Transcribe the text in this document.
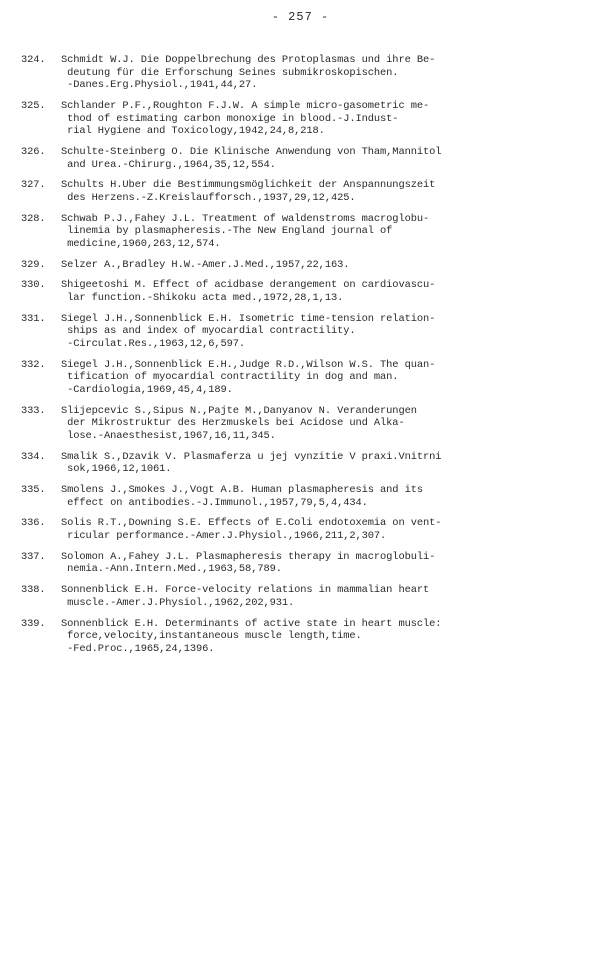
- 257 -
324.	Schmidt W.J. Die Doppelbrechung des Protoplasmas und ihre Be-
deutung für die Erforschung Seines submikroskopischen.
-Danes.Erg.Physiol.,1941,44,27.
325.	Schlander P.F.,Roughton F.J.W. A simple micro-gasometric me-
thod of estimating carbon monoxige in blood.-J.Indust-
rial Hygiene and Toxicology,1942,24,8,218.
326.	Schulte-Steinberg O. Die Klinische Anwendung von Tham,Mannitol
and Urea.-Chirurg.,1964,35,12,554.
327.	Schults H.Uber die Bestimmungsmöglichkeit der Anspannungszeit
des Herzens.-Z.Kreislaufforsch.,1937,29,12,425.
328.	Schwab P.J.,Fahey J.L. Treatment of waldenstroms macroglobu-
linemia by plasmapheresis.-The New England journal of
medicine,1960,263,12,574.
329.	Selzer A.,Bradley H.W.-Amer.J.Med.,1957,22,163.
330.	Shigeetoshi M. Effect of acidbase derangement on cardiovascu-
lar function.-Shikoku acta med.,1972,28,1,13.
331.	Siegel J.H.,Sonnenblick E.H. Isometric time-tension relation-
ships as and index of myocardial contractility.
-Circulat.Res.,1963,12,6,597.
332.	Siegel J.H.,Sonnenblick E.H.,Judge R.D.,Wilson W.S. The quan-
tification of myocardial contractility in dog and man.
-Cardiologia,1969,45,4,189.
333.	Slijepcevic S.,Sipus N.,Pajte M.,Danyanov N. Veranderungen
der Mikrostruktur des Herzmuskels bei Acidose und Alka-
lose.-Anaesthesist,1967,16,11,345.
334.	Smalik S.,Dzavik V. Plasmaferza u jej vynzitie V praxi.Vnitrni
sok,1966,12,1061.
335.	Smolens J.,Smokes J.,Vogt A.B. Human plasmapheresis and its
effect on antibodies.-J.Immunol.,1957,79,5,4,434.
336.	Solis R.T.,Downing S.E. Effects of E.Coli endotoxemia on vent-
ricular performance.-Amer.J.Physiol.,1966,211,2,307.
337.	Solomon A.,Fahey J.L. Plasmapheresis therapy in macroglobuli-
nemia.-Ann.Intern.Med.,1963,58,789.
338.	Sonnenblick E.H. Force-velocity relations in mammalian heart
muscle.-Amer.J.Physiol.,1962,202,931.
339.	Sonnenblick E.H. Determinants of active state in heart muscle:
force,velocity,instantaneous muscle length,time.
-Fed.Proc.,1965,24,1396.
